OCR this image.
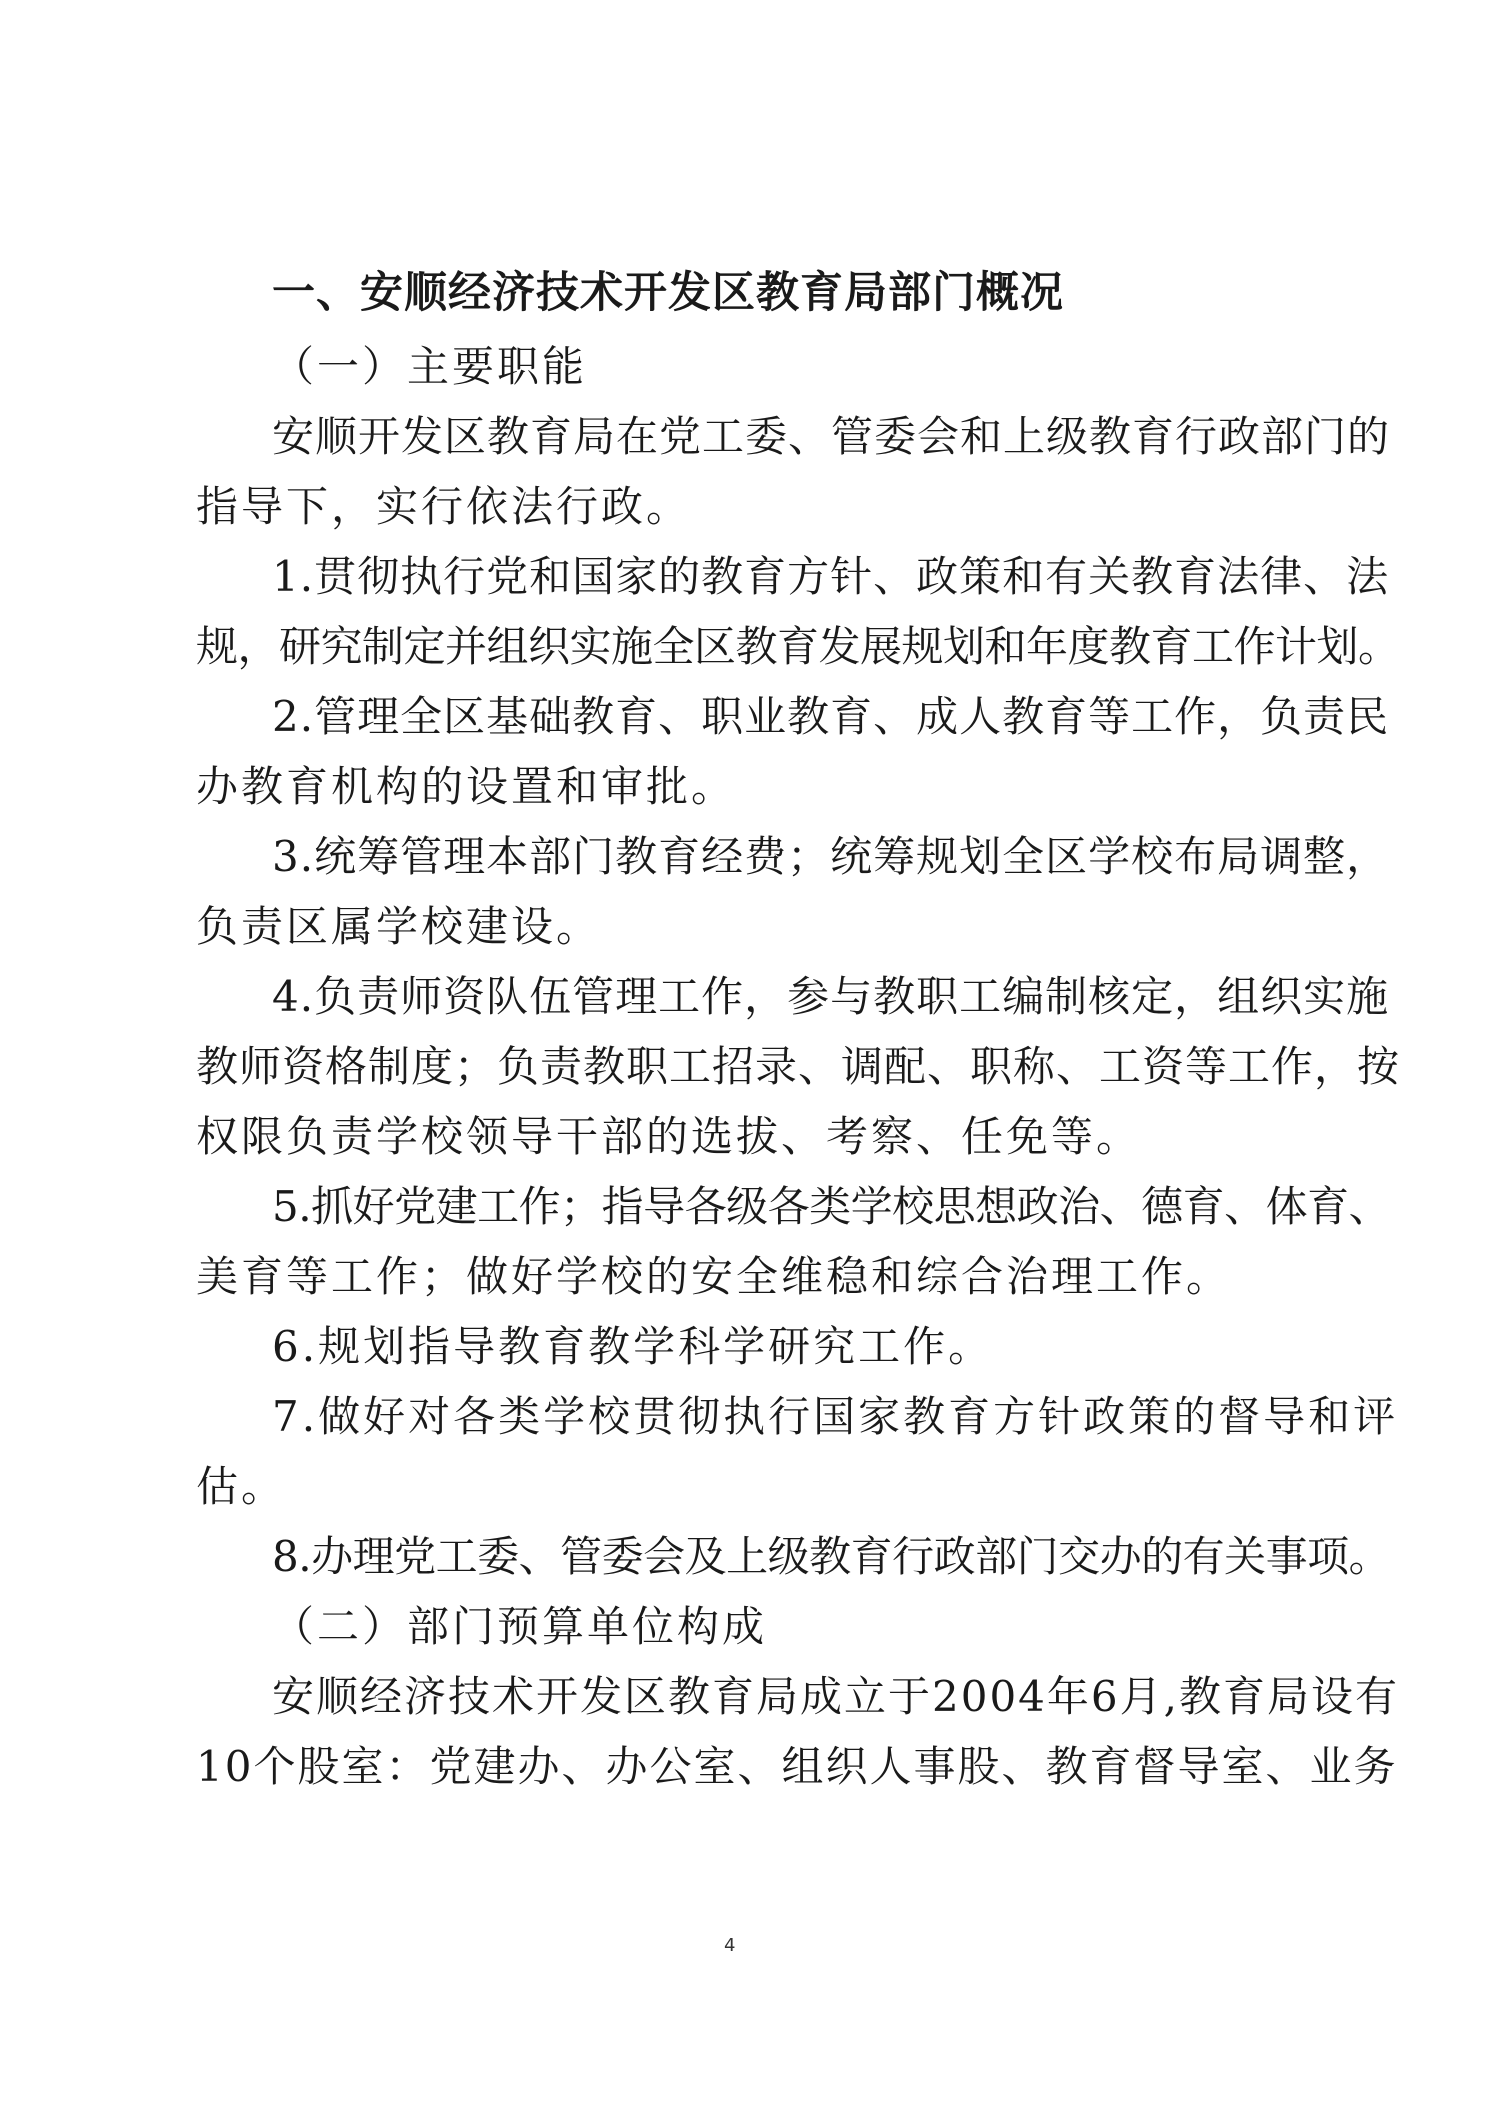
一、安顺经济技术开发区教育局部门概况
（一）主要职能
安顺开发区教育局在党工委、管委会和上级教育行政部门的
指导下，实行依法行政。
1.贯彻执行党和国家的教育方针、政策和有关教育法律、法
规，研究制定并组织实施全区教育发展规划和年度教育工作计划。
2.管理全区基础教育、职业教育、成人教育等工作，负责民
办教育机构的设置和审批。
3.统筹管理本部门教育经费；统筹规划全区学校布局调整，
负责区属学校建设。
4.负责师资队伍管理工作，参与教职工编制核定，组织实施
教师资格制度；负责教职工招录、调配、职称、工资等工作，按
权限负责学校领导干部的选拔、考察、任免等。
5.抓好党建工作；指导各级各类学校思想政治、德育、体育、
美育等工作；做好学校的安全维稳和综合治理工作。
6.规划指导教育教学科学研究工作。
7.做好对各类学校贯彻执行国家教育方针政策的督导和评
估。
8.办理党工委、管委会及上级教育行政部门交办的有关事项。
（二）部门预算单位构成
安顺经济技术开发区教育局成立于2004年6月,教育局设有
10个股室：党建办、办公室、组织人事股、教育督导室、业务
4
